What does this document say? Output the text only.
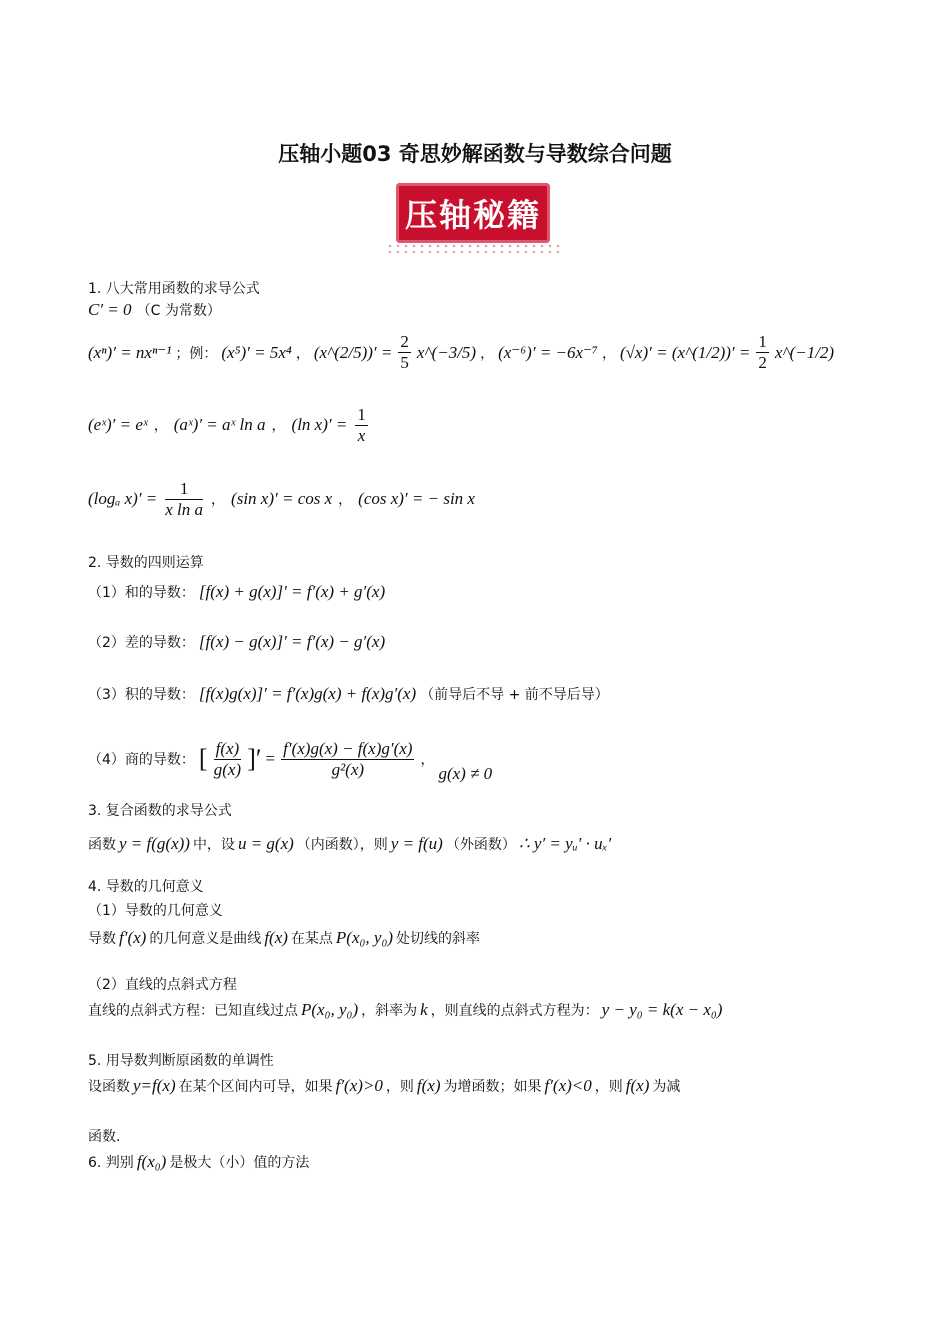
压轴小题03 奇思妙解函数与导数综合问题
压轴秘籍
1. 八大常用函数的求导公式
C′ = 0 （C 为常数）
(xⁿ)′ = nxⁿ⁻¹ ；例： (x⁵)′ = 5x⁴ ， (x^(2/5))′ = $\frac{2}{5}$ x^(−3/5) ， (x⁻⁶)′ = −6x⁻⁷ ， (√x)′ = (x^(1/2))′ = $\frac{1}{2}$ x^(−1/2)
(eˣ)′ = eˣ ， (aˣ)′ = aˣ ln a ， (ln $x)' = \frac{1}{x}$
(logₐ $x)' = \frac{1}{\text{x ln a}}$ ， (sin x)′ = cos x ， (cos x)′ = − sin x
2. 导数的四则运算
（1）和的导数： [f(x) + g(x)]′ = f′(x) + g′(x)
（2）差的导数： [f(x) − g(x)]′ = f′(x) − g′(x)
（3）积的导数： [f(x)g(x)]′ = f′(x)g(x) + f(x)g′(x) （前导后不导 + 前不导后导）
（4）商的导数： [ $\frac{f(x)}{g(x)}$ ]′ = $\frac{f'(x)g(x) - f(x)g'(x)}{\text{g²(x)}}$ ，
g(x) ≠ 0
3. 复合函数的求导公式
函数 y = f(g(x)) 中，设 u = g(x) （内函数），则 y = f(u) （外函数） ∴ y′ = yᵤ′ · uₓ′
4. 导数的几何意义
（1）导数的几何意义
导数 f′(x) 的几何意义是曲线 f(x) 在某点 P(x₀, y₀) 处切线的斜率
（2）直线的点斜式方程
直线的点斜式方程：已知直线过点 P(x₀, y₀) ，斜率为 k ，则直线的点斜式方程为： y − y₀ = k(x − x₀)
5. 用导数判断原函数的单调性
设函数 y=f(x) 在某个区间内可导，如果 f′(x)>0 ，则 f(x) 为增函数；如果 f′(x)<0 ，则 f(x) 为减
函数.
6. 判别 f(x₀) 是极大（小）值的方法
